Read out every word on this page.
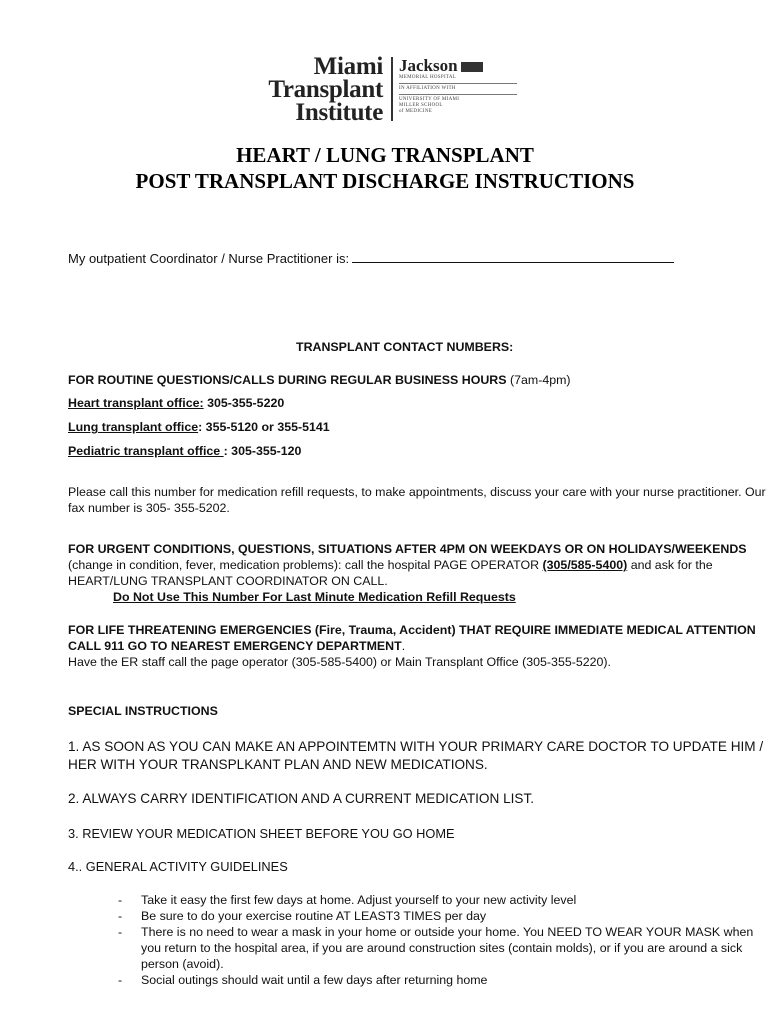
Miami
Transplant
Institute
Jackson
MEMORIAL HOSPITAL
IN AFFILIATION WITH
UNIVERSITY OF MIAMI
MILLER SCHOOL
of MEDICINE
HEART / LUNG TRANSPLANT
POST TRANSPLANT DISCHARGE INSTRUCTIONS
My outpatient Coordinator / Nurse Practitioner is:
TRANSPLANT CONTACT NUMBERS:
FOR ROUTINE QUESTIONS/CALLS DURING REGULAR BUSINESS HOURS (7am-4pm)
Heart transplant office: 305-355-5220
Lung transplant office: 355-5120 or 355-5141
Pediatric transplant office : 305-355-120
Please call this number for medication refill requests, to make appointments, discuss your care with your nurse practitioner. Our
fax number is 305- 355-5202.
FOR URGENT CONDITIONS, QUESTIONS, SITUATIONS AFTER 4PM ON WEEKDAYS OR ON HOLIDAYS/WEEKENDS
(change in condition, fever, medication problems): call the hospital PAGE OPERATOR (305/585-5400) and ask for the
HEART/LUNG TRANSPLANT COORDINATOR ON CALL.
Do Not Use This Number For Last Minute Medication Refill Requests
FOR LIFE THREATENING EMERGENCIES (Fire, Trauma, Accident) THAT REQUIRE IMMEDIATE MEDICAL ATTENTION
CALL 911 GO TO NEAREST EMERGENCY DEPARTMENT.
Have the ER staff call the page operator (305-585-5400) or Main Transplant Office (305-355-5220).
SPECIAL INSTRUCTIONS
1. AS SOON AS YOU CAN MAKE AN APPOINTEMTN WITH YOUR PRIMARY CARE DOCTOR TO UPDATE HIM /
HER WITH YOUR TRANSPLKANT PLAN AND NEW MEDICATIONS.
2. ALWAYS CARRY IDENTIFICATION AND A CURRENT MEDICATION LIST.
3. REVIEW YOUR MEDICATION SHEET BEFORE YOU GO HOME
4.. GENERAL ACTIVITY GUIDELINES
- Take it easy the first few days at home. Adjust yourself to your new activity level
- Be sure to do your exercise routine AT LEAST3 TIMES per day
- There is no need to wear a mask in your home or outside your home. You NEED TO WEAR YOUR MASK when
you return to the hospital area, if you are around construction sites (contain molds), or if you are around a sick
person (avoid).
- Social outings should wait until a few days after returning home
